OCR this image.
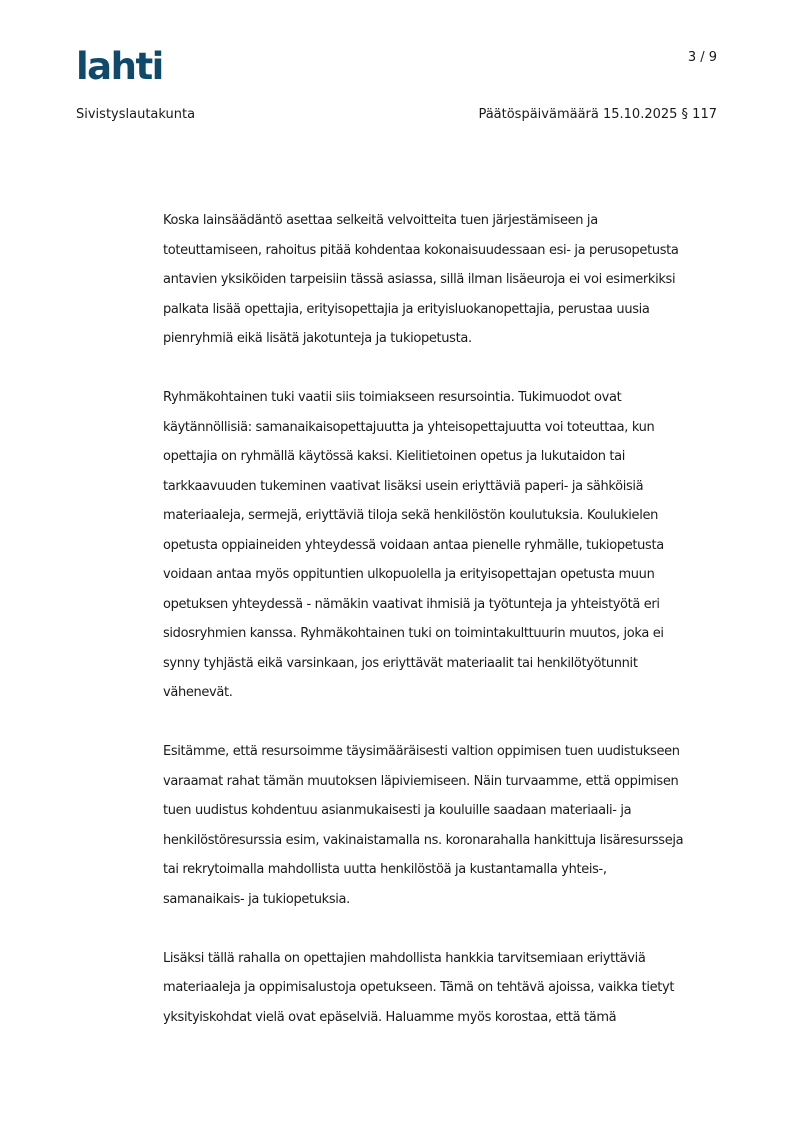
lahti	3 / 9
Sivistyslautakunta	Päätöspäivämäärä 15.10.2025 § 117

Koska lainsäädäntö asettaa selkeitä velvoitteita tuen järjestämiseen ja
toteuttamiseen, rahoitus pitää kohdentaa kokonaisuudessaan esi- ja perusopetusta
antavien yksiköiden tarpeisiin tässä asiassa, sillä ilman lisäeuroja ei voi esimerkiksi
palkata lisää opettajia, erityisopettajia ja erityisluokanopettajia, perustaa uusia
pienryhmiä eikä lisätä jakotunteja ja tukiopetusta.

Ryhmäkohtainen tuki vaatii siis toimiakseen resursointia. Tukimuodot ovat
käytännöllisiä: samanaikaisopettajuutta ja yhteisopettajuutta voi toteuttaa, kun
opettajia on ryhmällä käytössä kaksi. Kielitietoinen opetus ja lukutaidon tai
tarkkaavuuden tukeminen vaativat lisäksi usein eriyttäviä paperi- ja sähköisiä
materiaaleja, sermejä, eriyttäviä tiloja sekä henkilöstön koulutuksia. Koulukielen
opetusta oppiaineiden yhteydessä voidaan antaa pienelle ryhmälle, tukiopetusta
voidaan antaa myös oppituntien ulkopuolella ja erityisopettajan opetusta muun
opetuksen yhteydessä - nämäkin vaativat ihmisiä ja työtunteja ja yhteistyötä eri
sidosryhmien kanssa. Ryhmäkohtainen tuki on toimintakulttuurin muutos, joka ei
synny tyhjästä eikä varsinkaan, jos eriyttävät materiaalit tai henkilötyötunnit
vähenevät.

Esitämme, että resursoimme täysimääräisesti valtion oppimisen tuen uudistukseen
varaamat rahat tämän muutoksen läpiviemiseen. Näin turvaamme, että oppimisen
tuen uudistus kohdentuu asianmukaisesti ja kouluille saadaan materiaali- ja
henkilöstöresurssia esim, vakinaistamalla ns. koronarahalla hankittuja lisäresursseja
tai rekrytoimalla mahdollista uutta henkilöstöä ja kustantamalla yhteis-,
samanaikais- ja tukiopetuksia.

Lisäksi tällä rahalla on opettajien mahdollista hankkia tarvitsemiaan eriyttäviä
materiaaleja ja oppimisalustoja opetukseen. Tämä on tehtävä ajoissa, vaikka tietyt
yksityiskohdat vielä ovat epäselviä. Haluamme myös korostaa, että tämä
